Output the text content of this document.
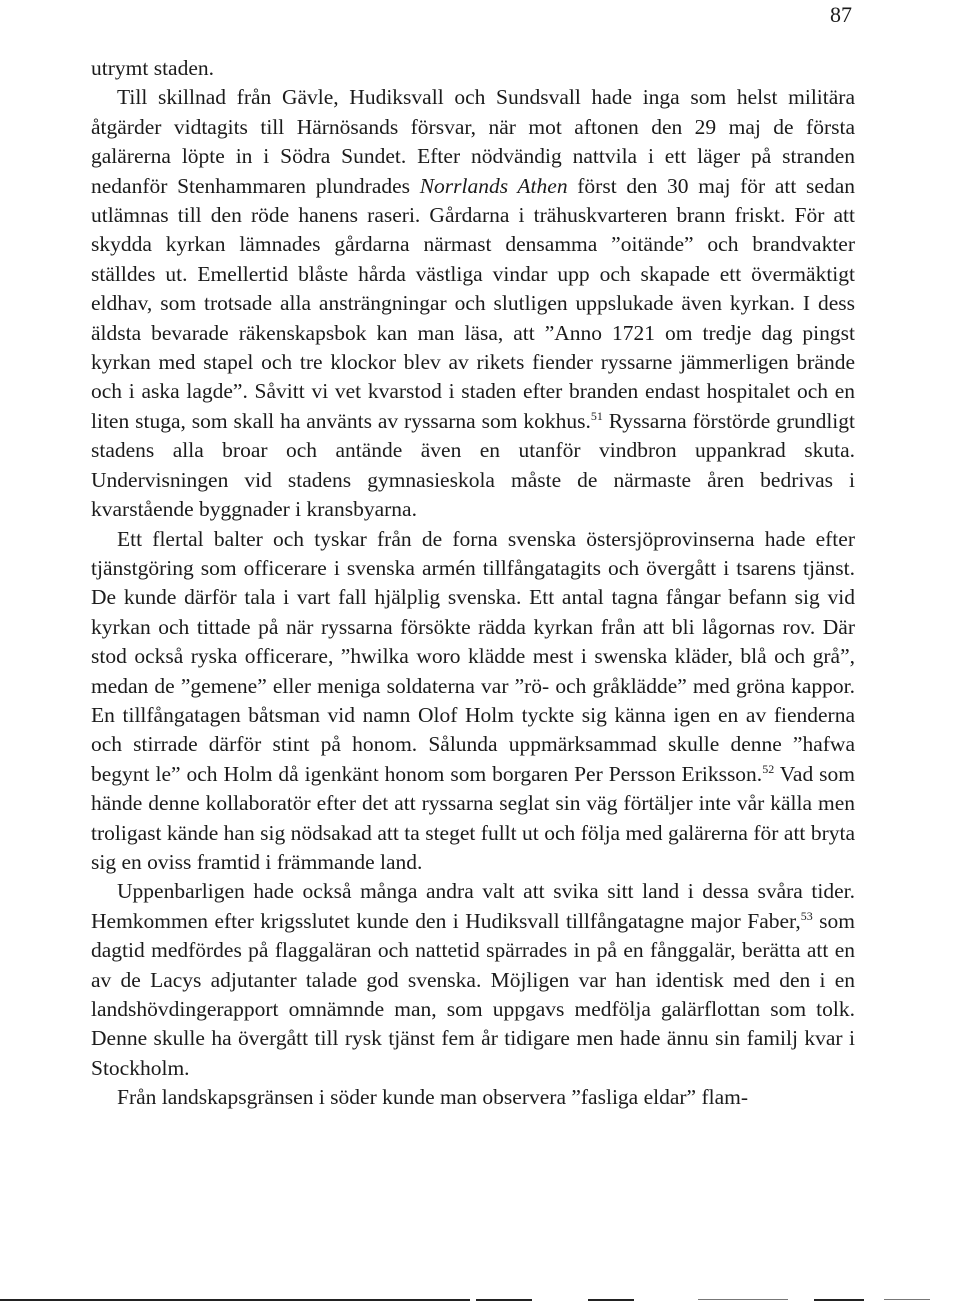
87

utrymt staden.

Till skillnad från Gävle, Hudiksvall och Sundsvall hade inga som helst militära åtgärder vidtagits till Härnösands försvar, när mot aftonen den 29 maj de första galärerna löpte in i Södra Sundet. Efter nödvändig nattvila i ett läger på stranden nedanför Stenhammaren plundrades Norrlands Athen först den 30 maj för att sedan utlämnas till den röde hanens raseri. Gårdarna i trähuskvarteren brann friskt. För att skydda kyrkan lämnades gårdarna närmast densamma ”oitände” och brandvakter ställdes ut. Emellertid blåste hårda västliga vindar upp och skapade ett övermäktigt eldhav, som trotsade alla ansträngningar och slutligen uppslukade även kyrkan. I dess äldsta bevarade räkenskapsbok kan man läsa, att ”Anno 1721 om tredje dag pingst kyrkan med stapel och tre klockor blev av rikets fiender ryssarne jämmerligen brände och i aska lagde”. Såvitt vi vet kvarstod i staden efter branden endast hospitalet och en liten stuga, som skall ha använts av ryssarna som kokhus.$^{51}$ Ryssarna förstörde grundligt stadens alla broar och antände även en utanför vindbron uppankrad skuta. Undervisningen vid stadens gymnasieskola måste de närmaste åren bedrivas i kvarstående byggnader i kransbyarna.

Ett flertal balter och tyskar från de forna svenska östersjöprovinserna hade efter tjänstgöring som officerare i svenska armén tillfångatagits och övergått i tsarens tjänst. De kunde därför tala i vart fall hjälplig svenska. Ett antal tagna fångar befann sig vid kyrkan och tittade på när ryssarna försökte rädda kyrkan från att bli lågornas rov. Där stod också ryska officerare, ”hwilka woro klädde mest i swenska kläder, blå och grå”, medan de ”gemene” eller meniga soldaterna var ”rö- och gråklädde” med gröna kappor. En tillfångatagen båtsman vid namn Olof Holm tyckte sig känna igen en av fienderna och stirrade därför stint på honom. Sålunda uppmärksammad skulle denne ”hafwa begynt le” och Holm då igenkänt honom som borgaren Per Persson Eriksson.$^{52}$ Vad som hände denne kollaboratör efter det att ryssarna seglat sin väg förtäljer inte vår källa men troligast kände han sig nödsakad att ta steget fullt ut och följa med galärerna för att bryta sig en oviss framtid i främmande land.

Uppenbarligen hade också många andra valt att svika sitt land i dessa svåra tider. Hemkommen efter krigsslutet kunde den i Hudiksvall tillfångatagne major Faber,$^{53}$ som dagtid medfördes på flaggaläran och nattetid spärrades in på en fånggalär, berätta att en av de Lacys adjutanter talade god svenska. Möjligen var han identisk med den i en landshövdingerapport omnämnde man, som uppgavs medfölja galärflottan som tolk. Denne skulle ha övergått till rysk tjänst fem år tidigare men hade ännu sin familj kvar i Stockholm.

Från landskapsgränsen i söder kunde man observera ”fasliga eldar” flam-
